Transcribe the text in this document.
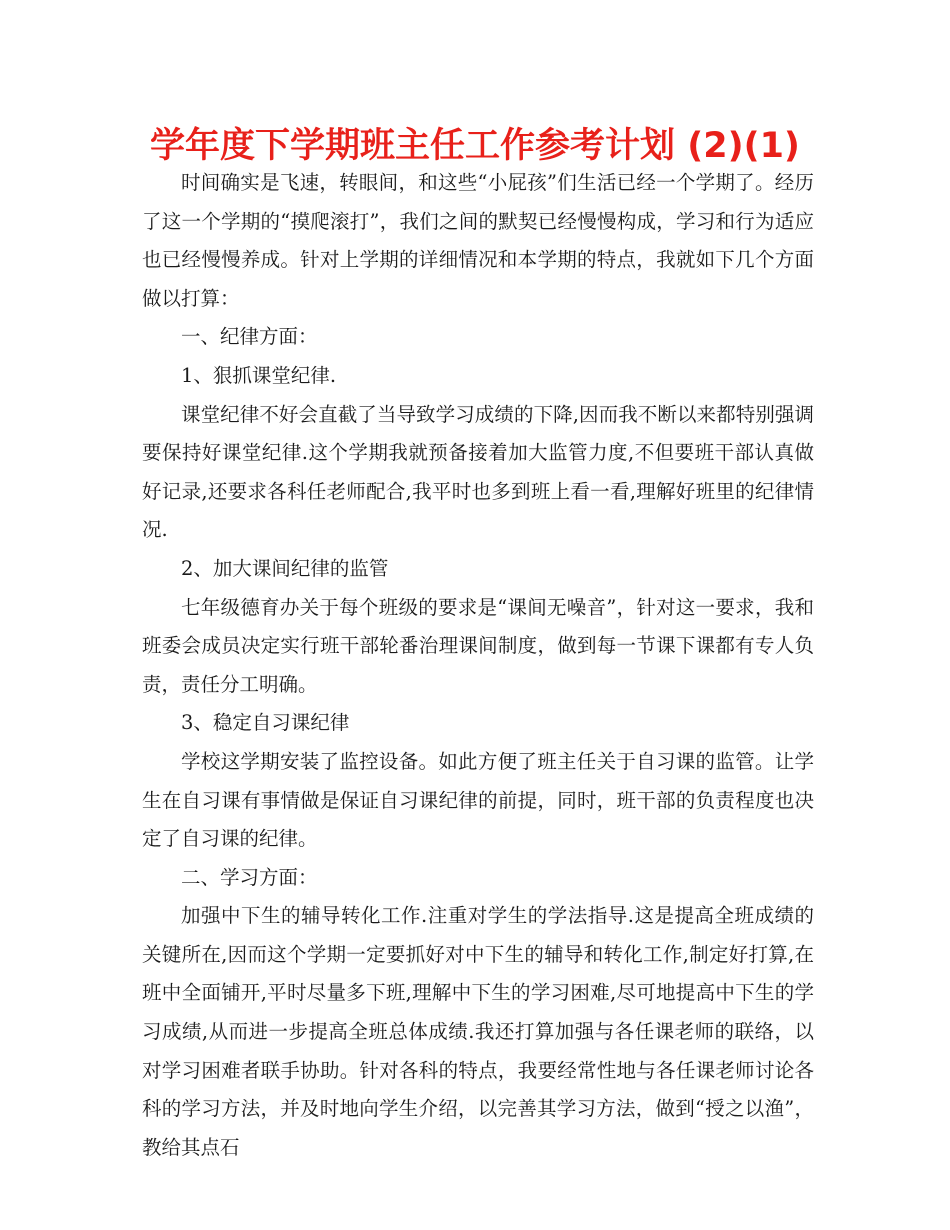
学年度下学期班主任工作参考计划 (2)(1)

时间确实是飞速，转眼间，和这些“小屁孩”们生活已经一个学期了。经历了这一个学期的“摸爬滚打”，我们之间的默契已经慢慢构成，学习和行为适应也已经慢慢养成。针对上学期的详细情况和本学期的特点，我就如下几个方面做以打算：

一、纪律方面：

1、狠抓课堂纪律.

课堂纪律不好会直截了当导致学习成绩的下降,因而我不断以来都特别强调要保持好课堂纪律.这个学期我就预备接着加大监管力度,不但要班干部认真做好记录,还要求各科任老师配合,我平时也多到班上看一看,理解好班里的纪律情况.

2、加大课间纪律的监管

七年级德育办关于每个班级的要求是“课间无噪音”，针对这一要求，我和班委会成员决定实行班干部轮番治理课间制度，做到每一节课下课都有专人负责，责任分工明确。

3、稳定自习课纪律

学校这学期安装了监控设备。如此方便了班主任关于自习课的监管。让学生在自习课有事情做是保证自习课纪律的前提，同时，班干部的负责程度也决定了自习课的纪律。

二、学习方面：

加强中下生的辅导转化工作.注重对学生的学法指导.这是提高全班成绩的关键所在,因而这个学期一定要抓好对中下生的辅导和转化工作,制定好打算,在班中全面铺开,平时尽量多下班,理解中下生的学习困难,尽可地提高中下生的学习成绩,从而进一步提高全班总体成绩.我还打算加强与各任课老师的联络，以对学习困难者联手协助。针对各科的特点，我要经常性地与各任课老师讨论各科的学习方法，并及时地向学生介绍，以完善其学习方法，做到“授之以渔”，教给其点石
